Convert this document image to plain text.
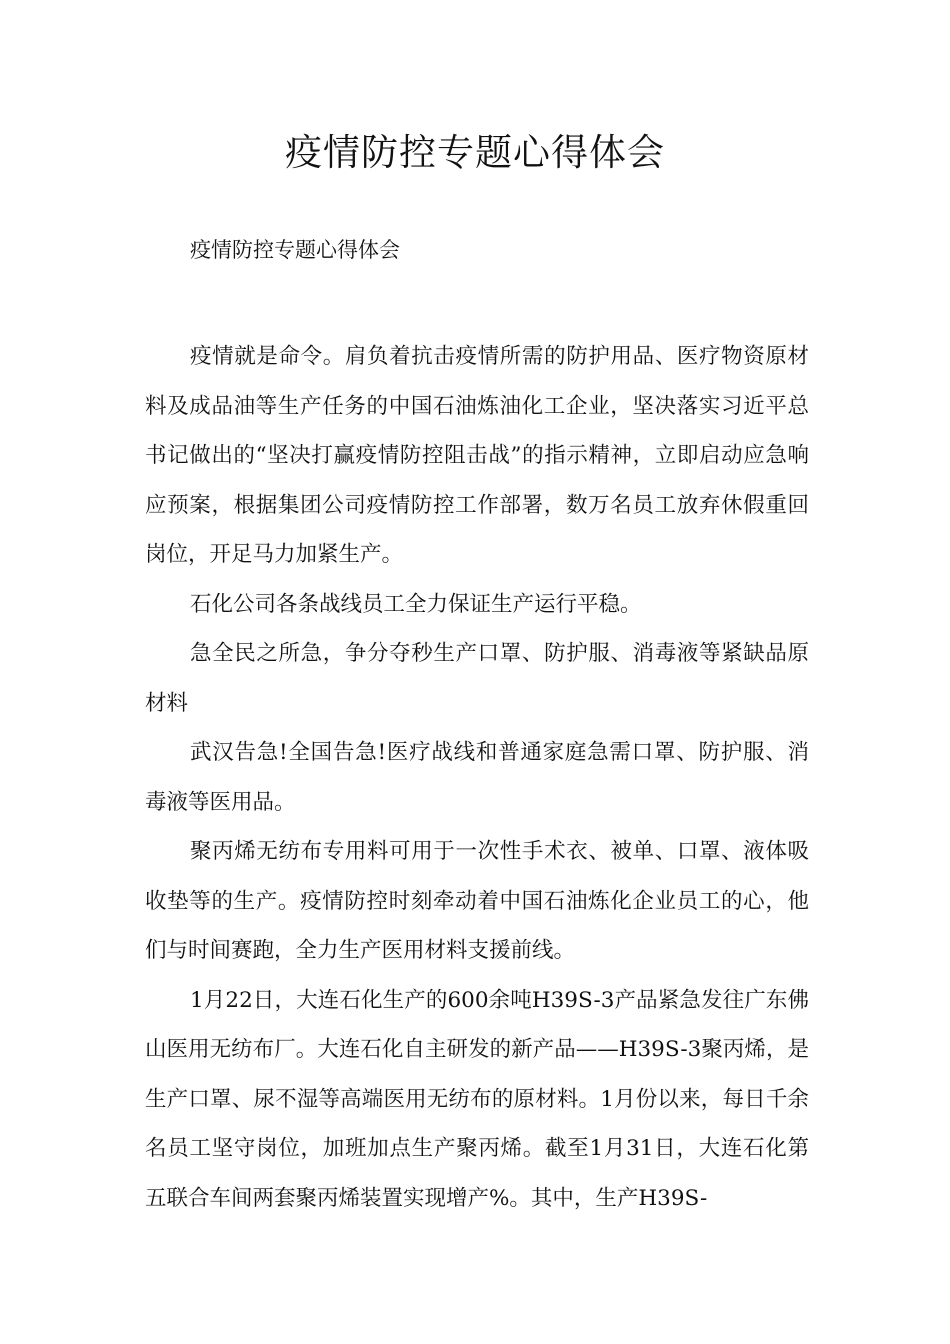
疫情防控专题心得体会

疫情防控专题心得体会

疫情就是命令。肩负着抗击疫情所需的防护用品、医疗物资原材料及成品油等生产任务的中国石油炼油化工企业，坚决落实习近平总书记做出的“坚决打赢疫情防控阻击战”的指示精神，立即启动应急响应预案，根据集团公司疫情防控工作部署，数万名员工放弃休假重回岗位，开足马力加紧生产。

石化公司各条战线员工全力保证生产运行平稳。

急全民之所急，争分夺秒生产口罩、防护服、消毒液等紧缺品原材料

武汉告急!全国告急!医疗战线和普通家庭急需口罩、防护服、消毒液等医用品。

聚丙烯无纺布专用料可用于一次性手术衣、被单、口罩、液体吸收垫等的生产。疫情防控时刻牵动着中国石油炼化企业员工的心，他们与时间赛跑，全力生产医用材料支援前线。

1月22日，大连石化生产的600余吨H39S-3产品紧急发往广东佛山医用无纺布厂。大连石化自主研发的新产品——H39S-3聚丙烯，是生产口罩、尿不湿等高端医用无纺布的原材料。1月份以来，每日千余名员工坚守岗位，加班加点生产聚丙烯。截至1月31日，大连石化第五联合车间两套聚丙烯装置实现增产%。其中，生产H39S-
